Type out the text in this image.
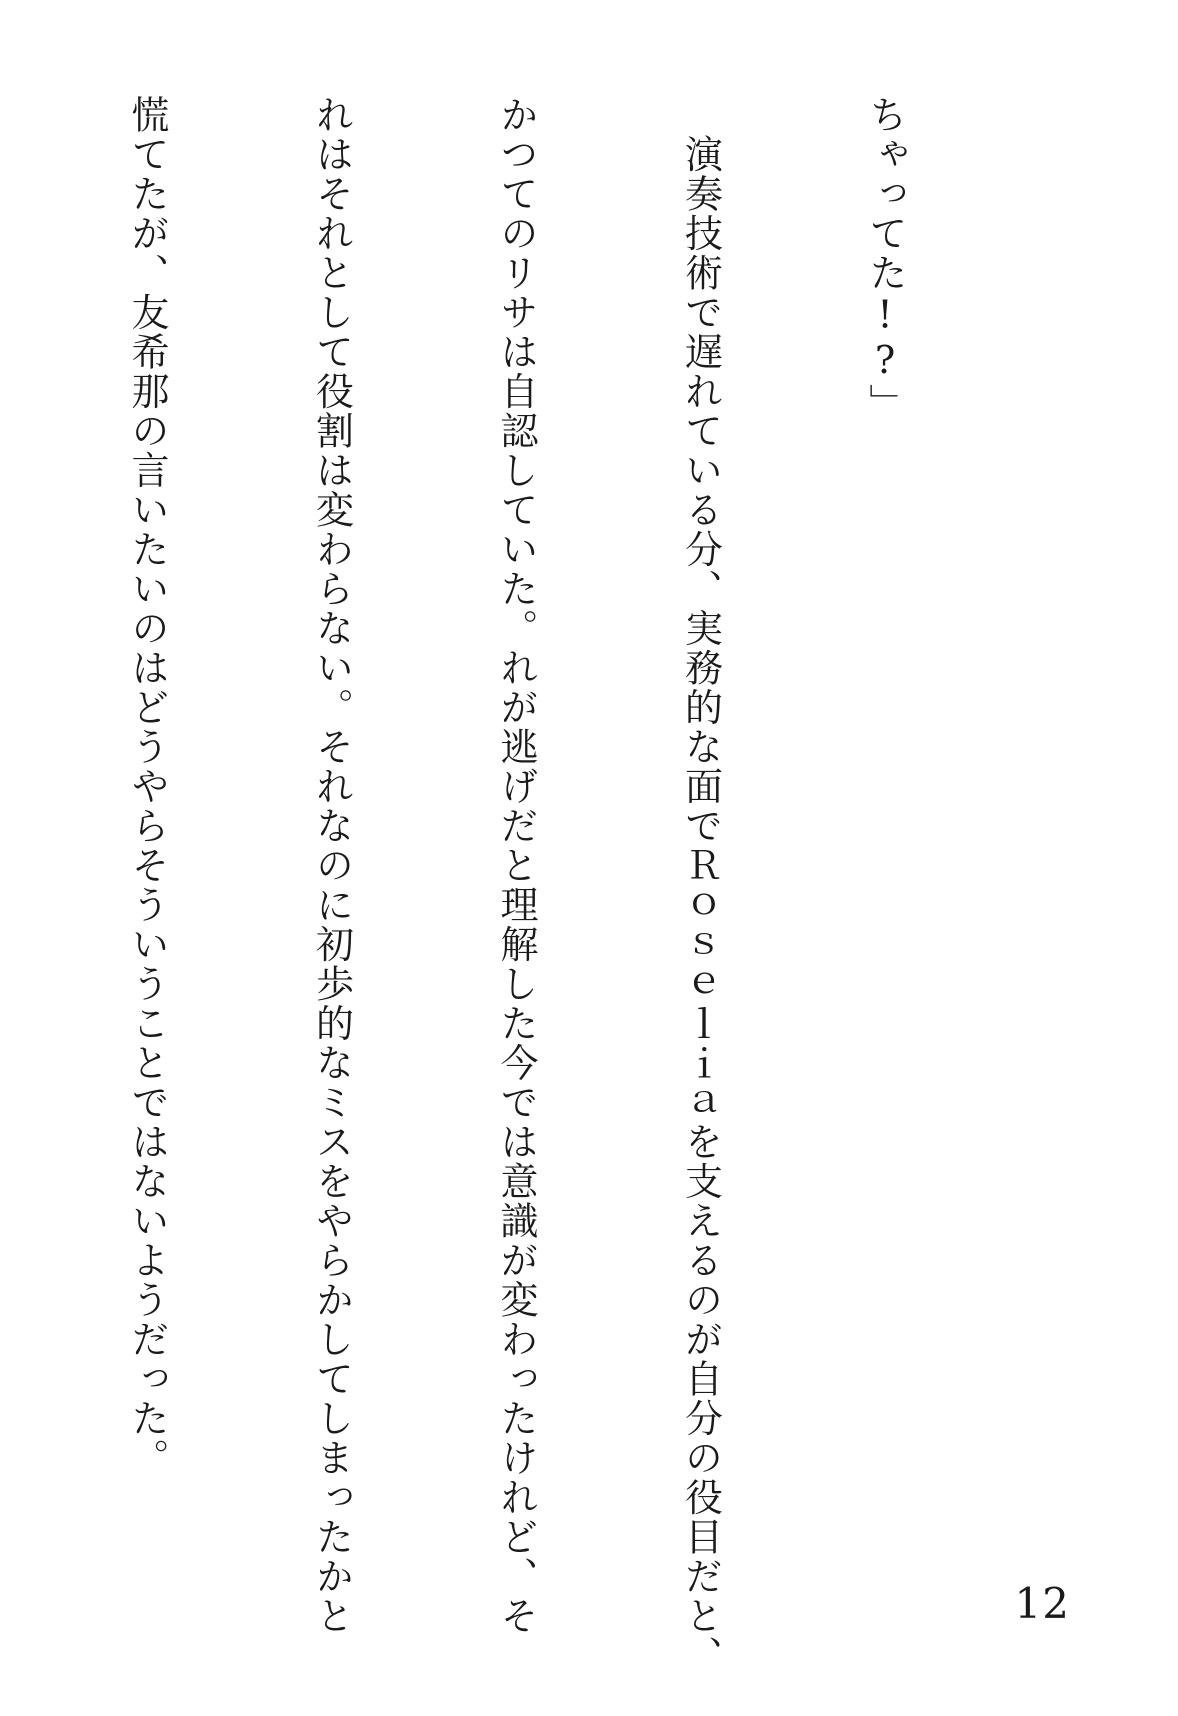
ちゃってた!?」

　演奏技術で遅れている分、実務的な面でＲｏｓｅｌｉａを支えるのが自分の役目だと、

かつてのリサは自認していた。れが逃げだと理解した今では意識が変わったけれど、そ

れはそれとして役割は変わらない。それなのに初歩的なミスをやらかしてしまったかと

慌てたが、友希那の言いたいのはどうやらそういうことではないようだった。

12
